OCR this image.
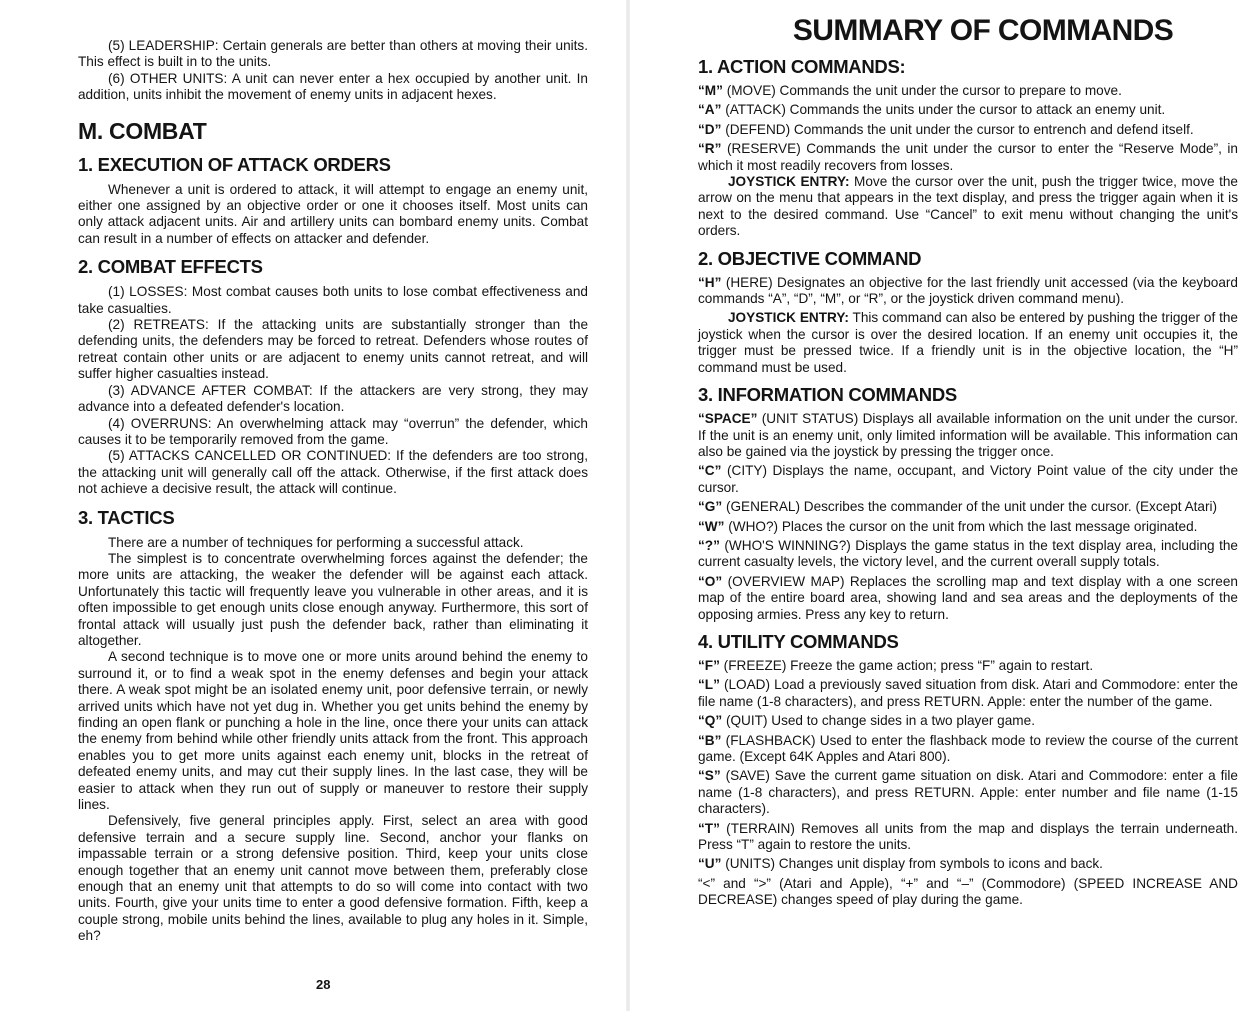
(5) LEADERSHIP: Certain generals are better than others at moving their units. This effect is built in to the units.

(6) OTHER UNITS: A unit can never enter a hex occupied by another unit. In addition, units inhibit the movement of enemy units in adjacent hexes.

M. COMBAT
1. EXECUTION OF ATTACK ORDERS

Whenever a unit is ordered to attack, it will attempt to engage an enemy unit, either one assigned by an objective order or one it chooses itself. Most units can only attack adjacent units. Air and artillery units can bombard enemy units. Combat can result in a number of effects on attacker and defender.

2. COMBAT EFFECTS

(1) LOSSES: Most combat causes both units to lose combat effectiveness and take casualties.

(2) RETREATS: If the attacking units are substantially stronger than the defending units, the defenders may be forced to retreat. Defenders whose routes of retreat contain other units or are adjacent to enemy units cannot retreat, and will suffer higher casualties instead.

(3) ADVANCE AFTER COMBAT: If the attackers are very strong, they may advance into a defeated defender's location.

(4) OVERRUNS: An overwhelming attack may “overrun” the defender, which causes it to be temporarily removed from the game.

(5) ATTACKS CANCELLED OR CONTINUED: If the defenders are too strong, the attacking unit will generally call off the attack. Otherwise, if the first attack does not achieve a decisive result, the attack will continue.

3. TACTICS

There are a number of techniques for performing a successful attack.

The simplest is to concentrate overwhelming forces against the defender; the more units are attacking, the weaker the defender will be against each attack. Unfortunately this tactic will frequently leave you vulnerable in other areas, and it is often impossible to get enough units close enough anyway. Furthermore, this sort of frontal attack will usually just push the defender back, rather than eliminating it altogether.

A second technique is to move one or more units around behind the enemy to surround it, or to find a weak spot in the enemy defenses and begin your attack there. A weak spot might be an isolated enemy unit, poor defensive terrain, or newly arrived units which have not yet dug in. Whether you get units behind the enemy by finding an open flank or punching a hole in the line, once there your units can attack the enemy from behind while other friendly units attack from the front. This approach enables you to get more units against each enemy unit, blocks in the retreat of defeated enemy units, and may cut their supply lines. In the last case, they will be easier to attack when they run out of supply or maneuver to restore their supply lines.

Defensively, five general principles apply. First, select an area with good defensive terrain and a secure supply line. Second, anchor your flanks on impassable terrain or a strong defensive position. Third, keep your units close enough together that an enemy unit cannot move between them, preferably close enough that an enemy unit that attempts to do so will come into contact with two units. Fourth, give your units time to enter a good defensive formation. Fifth, keep a couple strong, mobile units behind the lines, available to plug any holes in it. Simple, eh?

28
SUMMARY OF COMMANDS
1. ACTION COMMANDS:

“M” (MOVE) Commands the unit under the cursor to prepare to move.

“A” (ATTACK) Commands the units under the cursor to attack an enemy unit.

“D” (DEFEND) Commands the unit under the cursor to entrench and defend itself.

“R” (RESERVE) Commands the unit under the cursor to enter the “Reserve Mode”, in which it most readily recovers from losses.

JOYSTICK ENTRY: Move the cursor over the unit, push the trigger twice, move the arrow on the menu that appears in the text display, and press the trigger again when it is next to the desired command. Use “Cancel” to exit menu without changing the unit's orders.

2. OBJECTIVE COMMAND

“H” (HERE) Designates an objective for the last friendly unit accessed (via the keyboard commands “A”, “D”, “M”, or “R”, or the joystick driven command menu).

JOYSTICK ENTRY: This command can also be entered by pushing the trigger of the joystick when the cursor is over the desired location. If an enemy unit occupies it, the trigger must be pressed twice. If a friendly unit is in the objective location, the “H” command must be used.

3. INFORMATION COMMANDS

“SPACE” (UNIT STATUS) Displays all available information on the unit under the cursor. If the unit is an enemy unit, only limited information will be available. This information can also be gained via the joystick by pressing the trigger once.

“C” (CITY) Displays the name, occupant, and Victory Point value of the city under the cursor.

“G” (GENERAL) Describes the commander of the unit under the cursor. (Except Atari)

“W” (WHO?) Places the cursor on the unit from which the last message originated.

“?” (WHO'S WINNING?) Displays the game status in the text display area, including the current casualty levels, the victory level, and the current overall supply totals.

“O” (OVERVIEW MAP) Replaces the scrolling map and text display with a one screen map of the entire board area, showing land and sea areas and the deployments of the opposing armies. Press any key to return.

4. UTILITY COMMANDS

“F” (FREEZE) Freeze the game action; press “F” again to restart.

“L” (LOAD) Load a previously saved situation from disk. Atari and Commodore: enter the file name (1-8 characters), and press RETURN. Apple: enter the number of the game.

“Q” (QUIT) Used to change sides in a two player game.

“B” (FLASHBACK) Used to enter the flashback mode to review the course of the current game. (Except 64K Apples and Atari 800).

“S” (SAVE) Save the current game situation on disk. Atari and Commodore: enter a file name (1-8 characters), and press RETURN. Apple: enter number and file name (1-15 characters).

“T” (TERRAIN) Removes all units from the map and displays the terrain underneath. Press “T” again to restore the units.

“U” (UNITS) Changes unit display from symbols to icons and back.

“<” and “>” (Atari and Apple), “+” and “–” (Commodore) (SPEED INCREASE AND DECREASE) changes speed of play during the game.
